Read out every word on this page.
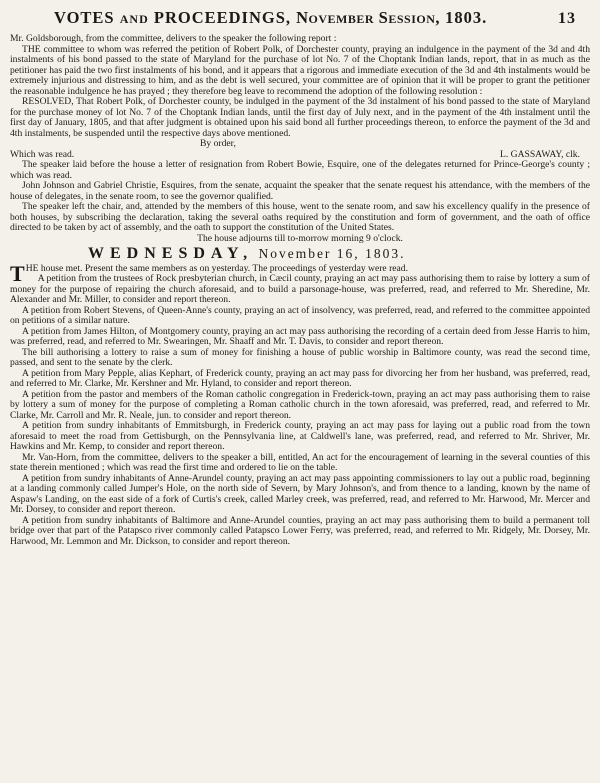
VOTES AND PROCEEDINGS, November Session, 1803.	13

Mr. Goldsborough, from the committee, delivers to the speaker the following report :

THE committee to whom was referred the petition of Robert Polk, of Dorchester county, praying an indulgence in the payment of the 3d and 4th instalments of his bond passed to the state of Maryland for the purchase of lot No. 7 of the Choptank Indian lands, report, that in as much as the petitioner has paid the two first instalments of his bond, and it appears that a rigorous and immediate execution of the 3d and 4th instalments would be extremely injurious and distressing to him, and as the debt is well secured, your committee are of opinion that it will be proper to grant the petitioner the reasonable indulgence he has prayed ; they therefore beg leave to recommend the adoption of the following resolution :

RESOLVED, That Robert Polk, of Dorchester county, be indulged in the payment of the 3d instalment of his bond passed to the state of Maryland for the purchase money of lot No. 7 of the Choptank Indian lands, until the first day of July next, and in the payment of the 4th instalment until the first day of January, 1805, and that after judgment is obtained upon his said bond all further proceedings thereon, to enforce the payment of the 3d and 4th instalments, be suspended until the respective days above mentioned.

By order,
Which was read.	L. GASSAWAY, clk.

The speaker laid before the house a letter of resignation from Robert Bowie, Esquire, one of the delegates returned for Prince-George's county ; which was read.

John Johnson and Gabriel Christie, Esquires, from the senate, acquaint the speaker that the senate request his attendance, with the members of the house of delegates, in the senate room, to see the governor qualified.

The speaker left the chair, and, attended by the members of this house, went to the senate room, and saw his excellency qualify in the presence of both houses, by subscribing the declaration, taking the several oaths required by the constitution and form of government, and the oath of office directed to be taken by act of assembly, and the oath to support the constitution of the United States.

The house adjourns till to-morrow morning 9 o'clock.

WEDNESDAY, November 16, 1803.

THE house met. Present the same members as on yesterday. The proceedings of yesterday were read.

A petition from the trustees of Rock presbyterian church, in Cæcil county, praying an act may pass authorising them to raise by lottery a sum of money for the purpose of repairing the church aforesaid, and to build a parsonage-house, was preferred, read, and referred to Mr. Sheredine, Mr. Alexander and Mr. Miller, to consider and report thereon.

A petition from Robert Stevens, of Queen-Anne's county, praying an act of insolvency, was preferred, read, and referred to the committee appointed on petitions of a similar nature.

A petition from James Hilton, of Montgomery county, praying an act may pass authorising the recording of a certain deed from Jesse Harris to him, was preferred, read, and referred to Mr. Swearingen, Mr. Shaaff and Mr. T. Davis, to consider and report thereon.

The bill authorising a lottery to raise a sum of money for finishing a house of public worship in Baltimore county, was read the second time, passed, and sent to the senate by the clerk.

A petition from Mary Pepple, alias Kephart, of Frederick county, praying an act may pass for divorcing her from her husband, was preferred, read, and referred to Mr. Clarke, Mr. Kershner and Mr. Hyland, to consider and report thereon.

A petition from the pastor and members of the Roman catholic congregation in Frederick-town, praying an act may pass authorising them to raise by lottery a sum of money for the purpose of completing a Roman catholic church in the town aforesaid, was preferred, read, and referred to Mr. Clarke, Mr. Carroll and Mr. R. Neale, jun. to consider and report thereon.

A petition from sundry inhabitants of Emmitsburgh, in Frederick county, praying an act may pass for laying out a public road from the town aforesaid to meet the road from Gettisburgh, on the Pennsylvania line, at Caldwell's lane, was preferred, read, and referred to Mr. Shriver, Mr. Hawkins and Mr. Kemp, to consider and report thereon.

Mr. Van-Horn, from the committee, delivers to the speaker a bill, entitled, An act for the encouragement of learning in the several counties of this state therein mentioned ; which was read the first time and ordered to lie on the table.

A petition from sundry inhabitants of Anne-Arundel county, praying an act may pass appointing commissioners to lay out a public road, beginning at a landing commonly called Jumper's Hole, on the north side of Severn, by Mary Johnson's, and from thence to a landing, known by the name of Aspaw's Landing, on the east side of a fork of Curtis's creek, called Marley creek, was preferred, read, and referred to Mr. Harwood, Mr. Mercer and Mr. Dorsey, to consider and report thereon.

A petition from sundry inhabitants of Baltimore and Anne-Arundel counties, praying an act may pass authorising them to build a permanent toll bridge over that part of the Patapsco river commonly called Patapsco Lower Ferry, was preferred, read, and referred to Mr. Ridgely, Mr. Dorsey, Mr. Harwood, Mr. Lemmon and Mr. Dickson, to consider and report thereon.
